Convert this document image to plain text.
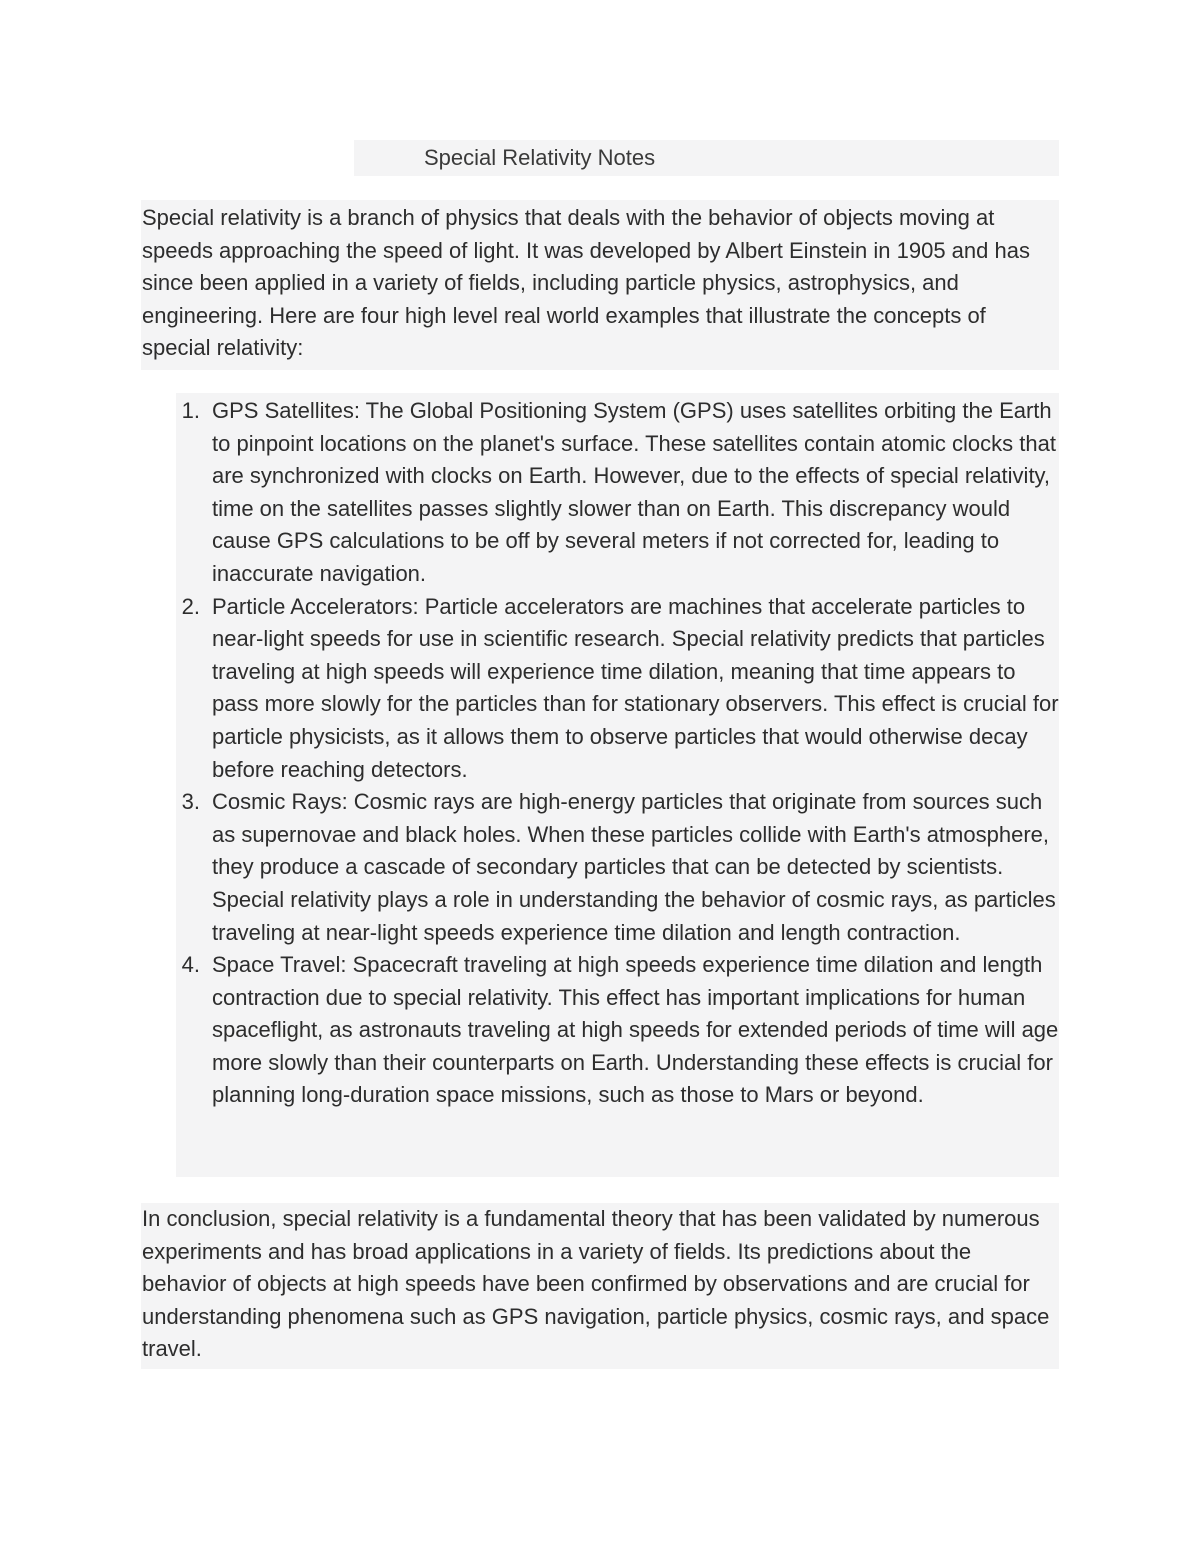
Special Relativity Notes

Special relativity is a branch of physics that deals with the behavior of objects moving at speeds approaching the speed of light. It was developed by Albert Einstein in 1905 and has since been applied in a variety of fields, including particle physics, astrophysics, and engineering. Here are four high level real world examples that illustrate the concepts of special relativity:

1. GPS Satellites: The Global Positioning System (GPS) uses satellites orbiting the Earth to pinpoint locations on the planet's surface. These satellites contain atomic clocks that are synchronized with clocks on Earth. However, due to the effects of special relativity, time on the satellites passes slightly slower than on Earth. This discrepancy would cause GPS calculations to be off by several meters if not corrected for, leading to inaccurate navigation.
2. Particle Accelerators: Particle accelerators are machines that accelerate particles to near-light speeds for use in scientific research. Special relativity predicts that particles traveling at high speeds will experience time dilation, meaning that time appears to pass more slowly for the particles than for stationary observers. This effect is crucial for particle physicists, as it allows them to observe particles that would otherwise decay before reaching detectors.
3. Cosmic Rays: Cosmic rays are high-energy particles that originate from sources such as supernovae and black holes. When these particles collide with Earth's atmosphere, they produce a cascade of secondary particles that can be detected by scientists. Special relativity plays a role in understanding the behavior of cosmic rays, as particles traveling at near-light speeds experience time dilation and length contraction.
4. Space Travel: Spacecraft traveling at high speeds experience time dilation and length contraction due to special relativity. This effect has important implications for human spaceflight, as astronauts traveling at high speeds for extended periods of time will age more slowly than their counterparts on Earth. Understanding these effects is crucial for planning long-duration space missions, such as those to Mars or beyond.

In conclusion, special relativity is a fundamental theory that has been validated by numerous experiments and has broad applications in a variety of fields. Its predictions about the behavior of objects at high speeds have been confirmed by observations and are crucial for understanding phenomena such as GPS navigation, particle physics, cosmic rays, and space travel.
